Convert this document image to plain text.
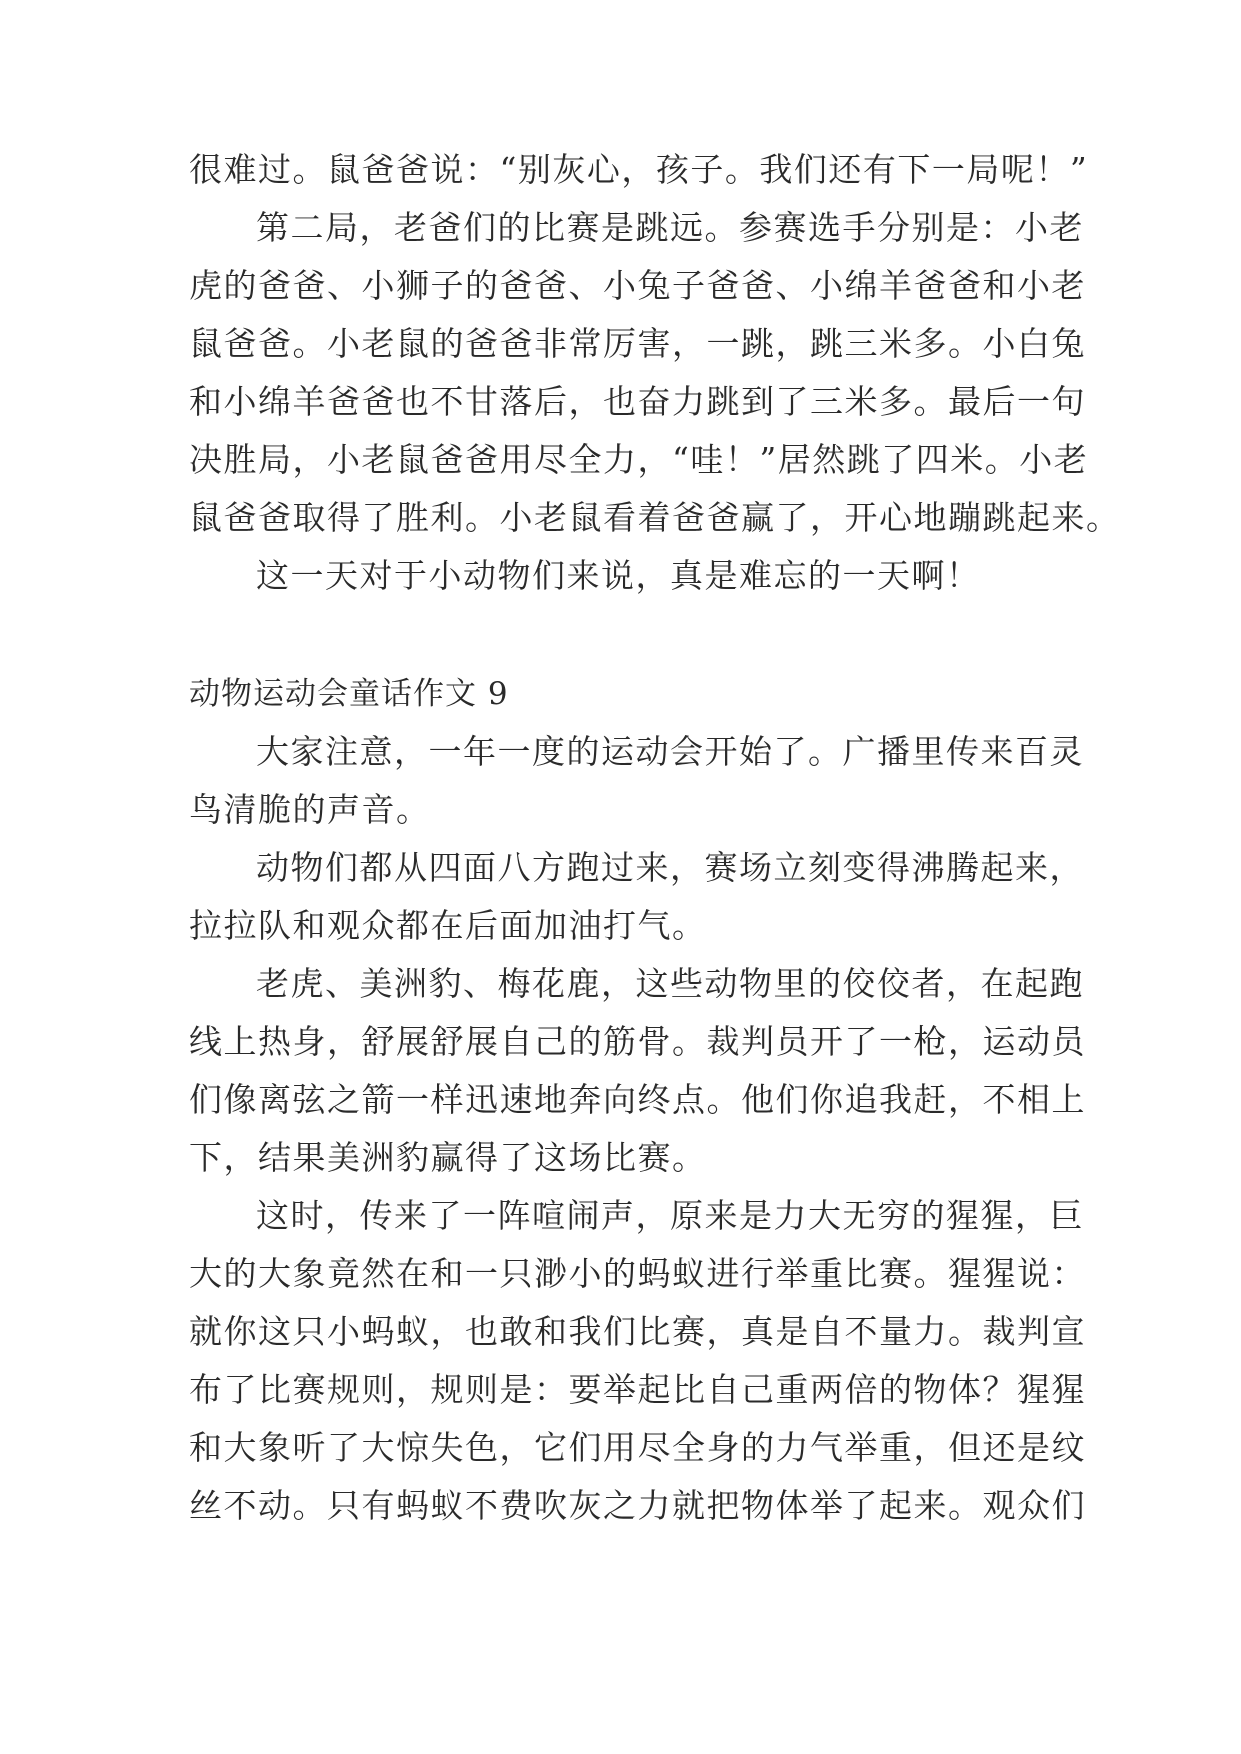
很难过。鼠爸爸说：“别灰心，孩子。我们还有下一局呢！”
第二局，老爸们的比赛是跳远。参赛选手分别是：小老
虎的爸爸、小狮子的爸爸、小兔子爸爸、小绵羊爸爸和小老
鼠爸爸。小老鼠的爸爸非常厉害，一跳，跳三米多。小白兔
和小绵羊爸爸也不甘落后，也奋力跳到了三米多。最后一句
决胜局，小老鼠爸爸用尽全力，“哇！”居然跳了四米。小老
鼠爸爸取得了胜利。小老鼠看着爸爸赢了，开心地蹦跳起来。
这一天对于小动物们来说，真是难忘的一天啊！
动物运动会童话作文 9
大家注意，一年一度的运动会开始了。广播里传来百灵
鸟清脆的声音。
动物们都从四面八方跑过来，赛场立刻变得沸腾起来，
拉拉队和观众都在后面加油打气。
老虎、美洲豹、梅花鹿，这些动物里的佼佼者，在起跑
线上热身，舒展舒展自己的筋骨。裁判员开了一枪，运动员
们像离弦之箭一样迅速地奔向终点。他们你追我赶，不相上
下，结果美洲豹赢得了这场比赛。
这时，传来了一阵喧闹声，原来是力大无穷的猩猩，巨
大的大象竟然在和一只渺小的蚂蚁进行举重比赛。猩猩说：
就你这只小蚂蚁，也敢和我们比赛，真是自不量力。裁判宣
布了比赛规则，规则是：要举起比自己重两倍的物体？猩猩
和大象听了大惊失色，它们用尽全身的力气举重，但还是纹
丝不动。只有蚂蚁不费吹灰之力就把物体举了起来。观众们
